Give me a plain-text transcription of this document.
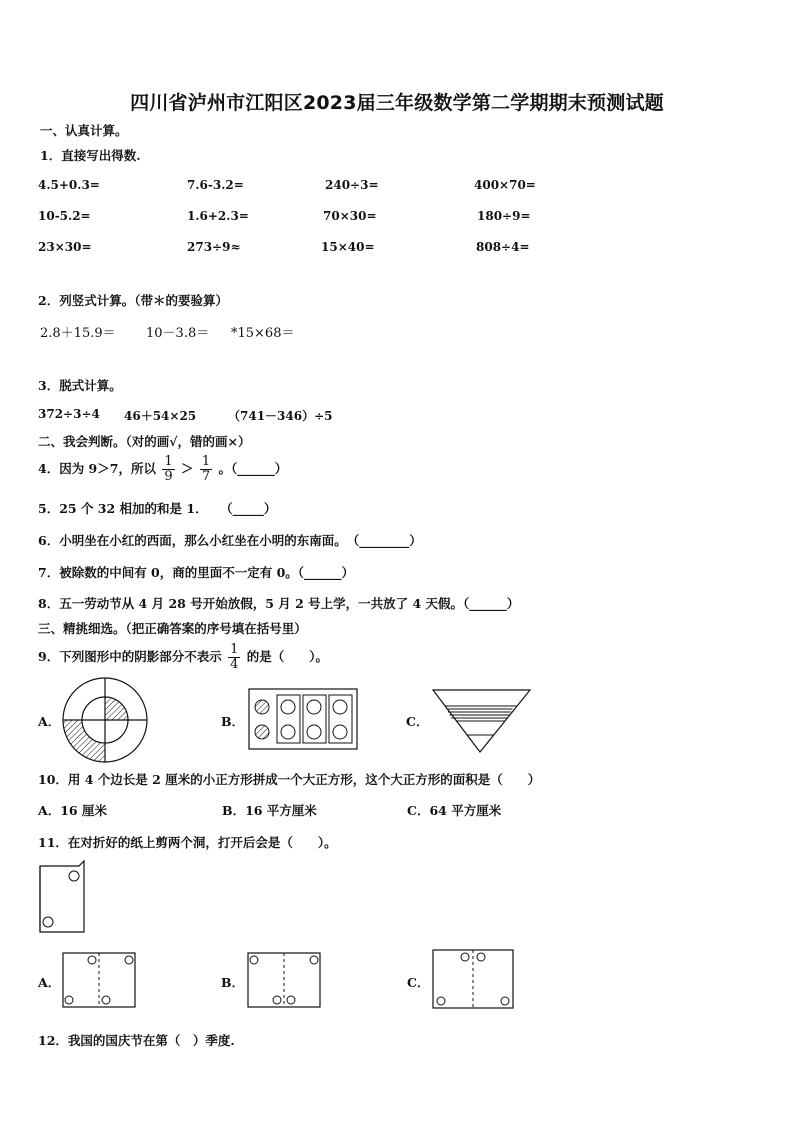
四川省泸州市江阳区2023届三年级数学第二学期期末预测试题
一、认真计算。
1．直接写出得数.
4.5+0.3=	7.6-3.2=	240÷3=	400×70=
10-5.2=	1.6+2.3=	70×30=	180÷9=
23×30=	273÷9≈	15×40=	808÷4=
2．列竖式计算。（带＊的要验算）
2.8＋15.9＝ 10－3.8＝ *15×68＝
3．脱式计算。
372÷3÷4 46＋54×25	（741－346）÷5
二、我会判断。（对的画√，错的画×）
4．因为 9＞7，所以 $\frac{1}{9} > \frac{1}{7}$ 。（______）
5．25 个 32 相加的和是 1．　　（_____）
6．小明坐在小红的西面，那么小红坐在小明的东南面。　（________）
7．被除数的中间有 0，商的里面不一定有 0。（______）
8．五一劳动节从 4 月 28 号开始放假，5 月 2 号上学，一共放了 4 天假。（______）
三、精挑细选。（把正确答案的序号填在括号里）
9．下列图形中的阴影部分不表示 $\frac{1}{4}$ 的是（　　）。
A．	B．	C．
10．用 4 个边长是 2 厘米的小正方形拼成一个大正方形，这个大正方形的面积是（　　）
A．16 厘米	B．16 平方厘米	C．64 平方厘米
11．在对折好的纸上剪两个洞，打开后会是（　　）。
A．	B．	C．
12．我国的国庆节在第（　）季度.
